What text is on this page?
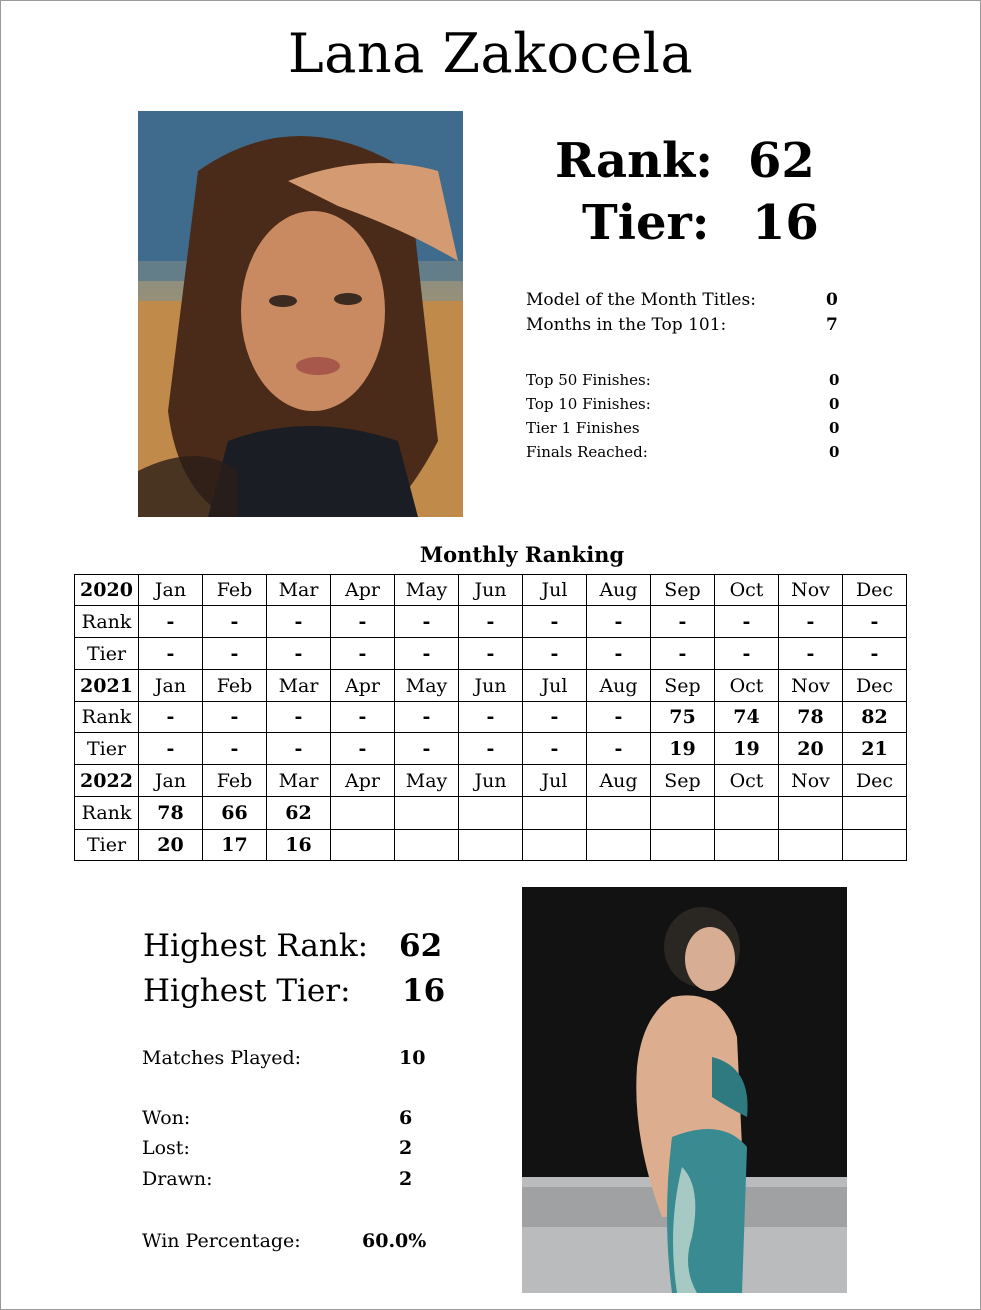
Lana Zakocela
Rank: 62
Tier: 16
Model of the Month Titles:	0
Months in the Top 101:	7
Top 50 Finishes:	0
Top 10 Finishes:	0
Tier 1 Finishes	0
Finals Reached:	0
Monthly Ranking
2020	Jan	Feb	Mar	Apr	May	Jun	Jul	Aug	Sep	Oct	Nov	Dec
Rank	-	-	-	-	-	-	-	-	-	-	-	-
Tier	-	-	-	-	-	-	-	-	-	-	-	-
2021	Jan	Feb	Mar	Apr	May	Jun	Jul	Aug	Sep	Oct	Nov	Dec
Rank	-	-	-	-	-	-	-	-	75	74	78	82
Tier	-	-	-	-	-	-	-	-	19	19	20	21
2022	Jan	Feb	Mar	Apr	May	Jun	Jul	Aug	Sep	Oct	Nov	Dec
Rank	78	66	62									
Tier	20	17	16									
Highest Rank: 62
Highest Tier: 16
Matches Played:	10
Won:	6
Lost:	2
Drawn:	2
Win Percentage:	60.0%
